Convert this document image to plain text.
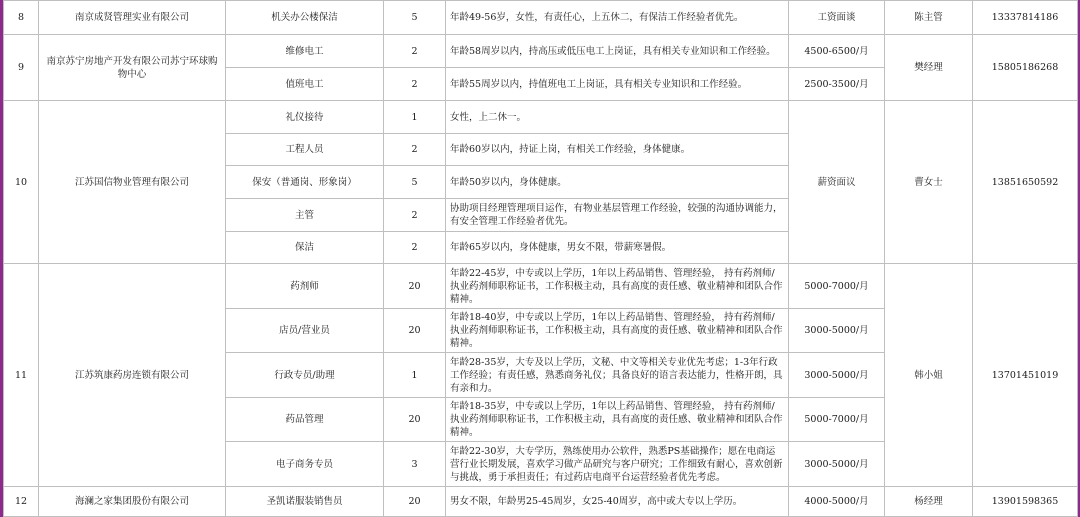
8	南京成贤管理实业有限公司	机关办公楼保洁	5	年龄49-56岁，女性，有责任心，上五休二，有保洁工作经验者优先。	工资面谈	陈主管	13337814186
9	南京苏宁房地产开发有限公司苏宁环球购物中心	维修电工	2	年龄58周岁以内，持高压或低压电工上岗证，具有相关专业知识和工作经验。	4500-6500/月	樊经理	15805186268
		值班电工	2	年龄55周岁以内，持值班电工上岗证，具有相关专业知识和工作经验。	2500-3500/月		
10	江苏国信物业管理有限公司	礼仪接待	1	女性，上二休一。	薪资面议	曹女士	13851650592
		工程人员	2	年龄60岁以内，持证上岗，有相关工作经验，身体健康。			
		保安（普通岗、形象岗）	5	年龄50岁以内，身体健康。			
		主管	2	协助项目经理管理项目运作，有物业基层管理工作经验，较强的沟通协调能力，有安全管理工作经验者优先。			
		保洁	2	年龄65岁以内，身体健康，男女不限，带薪寒暑假。			
11	江苏筑康药房连锁有限公司	药剂师	20	年龄22-45岁，中专或以上学历，1年以上药品销售、管理经验， 持有药剂师/执业药剂师职称证书，工作积极主动，具有高度的责任感、敬业精神和团队合作精神。	5000-7000/月	韩小姐	13701451019
		店员/营业员	20	年龄18-40岁，中专或以上学历，1年以上药品销售、管理经验， 持有药剂师/执业药剂师职称证书，工作积极主动，具有高度的责任感、敬业精神和团队合作精神。	3000-5000/月		
		行政专员/助理	1	年龄28-35岁，大专及以上学历，文秘、中文等相关专业优先考虑；1-3年行政工作经验；有责任感，熟悉商务礼仪；具备良好的语言表达能力，性格开朗，具有亲和力。	3000-5000/月		
		药品管理	20	年龄18-35岁，中专或以上学历，1年以上药品销售、管理经验， 持有药剂师/执业药剂师职称证书，工作积极主动，具有高度的责任感、敬业精神和团队合作精神。	5000-7000/月		
		电子商务专员	3	年龄22-30岁，大专学历，熟练使用办公软件，熟悉PS基础操作；愿在电商运营行业长期发展，喜欢学习做产品研究与客户研究；工作细致有耐心，喜欢创新与挑战，勇于承担责任；有过药店电商平台运营经验者优先考虑。	3000-5000/月		
12	海澜之家集团股份有限公司	圣凯诺服装销售员	20	男女不限，年龄男25-45周岁，女25-40周岁，高中或大专以上学历。	4000-5000/月	杨经理	13901598365
